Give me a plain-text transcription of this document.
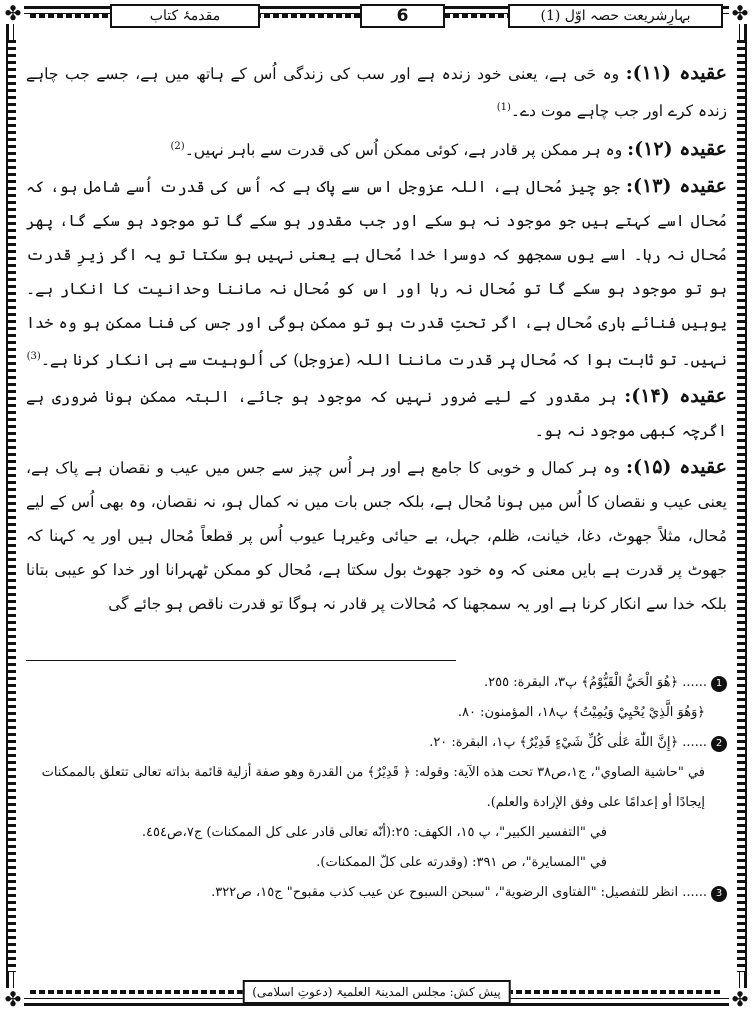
✤	✤
✤	✤
بہارِشریعت حصہ اوّل (1)
6
مقدمۂ کتاب

عقیدہ (۱۱): وہ حَی ہے، یعنی خود زندہ ہے اور سب کی زندگی اُس کے ہاتھ میں ہے، جسے جب چاہے زندہ کرے اور جب چاہے موت دے۔$^{(1)}$

عقیدہ (۱۲): وہ ہر ممکن پر قادر ہے، کوئی ممکن اُس کی قدرت سے باہر نہیں۔$^{(2)}$

عقیدہ (۱۳): جو چیز مُحال ہے، اللہ عزوجل اس سے پاک ہے کہ اُس کی قدرت اُسے شامل ہو، کہ مُحال اسے کہتے ہیں جو موجود نہ ہو سکے اور جب مقدور ہو سکے گا تو موجود ہو سکے گا، پھر مُحال نہ رہا۔ اسے یوں سمجھو کہ دوسرا خدا مُحال ہے یعنی نہیں ہو سکتا تو یہ اگر زیرِ قدرت ہو تو موجود ہو سکے گا تو مُحال نہ رہا اور اس کو مُحال نہ ماننا وحدانیت کا انکار ہے۔ یوہیں فنائے باری مُحال ہے، اگر تحتِ قدرت ہو تو ممکن ہوگی اور جس کی فنا ممکن ہو وہ خدا نہیں۔ تو ثابت ہوا کہ مُحال پر قدرت ماننا اللہ (عزوجل) کی اُلوہیت سے ہی انکار کرنا ہے۔$^{(3)}$

عقیدہ (۱۴): ہر مقدور کے لیے ضرور نہیں کہ موجود ہو جائے، البتہ ممکن ہونا ضروری ہے اگرچہ کبھی موجود نہ ہو۔

عقیدہ (۱۵): وہ ہر کمال و خوبی کا جامع ہے اور ہر اُس چیز سے جس میں عیب و نقصان ہے پاک ہے، یعنی عیب و نقصان کا اُس میں ہونا مُحال ہے، بلکہ جس بات میں نہ کمال ہو، نہ نقصان، وہ بھی اُس کے لیے مُحال، مثلاً جھوٹ، دغا، خیانت، ظلم، جہل، بے حیائی وغیرہا عیوب اُس پر قطعاً مُحال ہیں اور یہ کہنا کہ جھوٹ پر قدرت ہے بایں معنی کہ وہ خود جھوٹ بول سکتا ہے، مُحال کو ممکن ٹھہرانا اور خدا کو عیبی بتانا بلکہ خدا سے انکار کرنا ہے اور یہ سمجھنا کہ مُحالات پر قادر نہ ہوگا تو قدرت ناقص ہو جائے گی

1...... ﴿هُوَ الْحَيُّ الْقَيُّوْمُ﴾ پ٣، البقرة: ٢٥٥.

﴿وَهُوَ الَّذِيْ يُحْيِيْ وَيُمِيْتُ﴾ پ١٨، المؤمنون: ٨٠.

2...... ﴿إِنَّ اللّٰهَ عَلٰى كُلِّ شَيْءٍ قَدِيْرٌ﴾ پ١، البقرة: ٢٠.

في "حاشية الصاوي"، ج١،ص٣٨ تحت هذه الآية: وقوله: ﴿ قَدِيْرٌ﴾ من القدرة وهو صفة أزلية قائمة بذاته تعالى تتعلق بالممكنات إيجادًا أو إعدامًا على وفق الإرادة والعلم).

في "التفسير الكبير"، پ ١٥، الكهف: ٢٥:(أنّه تعالى قادر على كل الممكنات) ج٧،ص٤٥٤.

في "المسايرة"، ص ٣٩١: (وقدرته على كلّ الممكنات).

3...... انظر للتفصيل: "الفتاوى الرضوية"، "سبحن السبوح عن عيب كذب مقبوح" ج١٥، ص٣٢٢.

پیش کش: مجلس المدینۃ العلمیۃ (دعوتِ اسلامی)
